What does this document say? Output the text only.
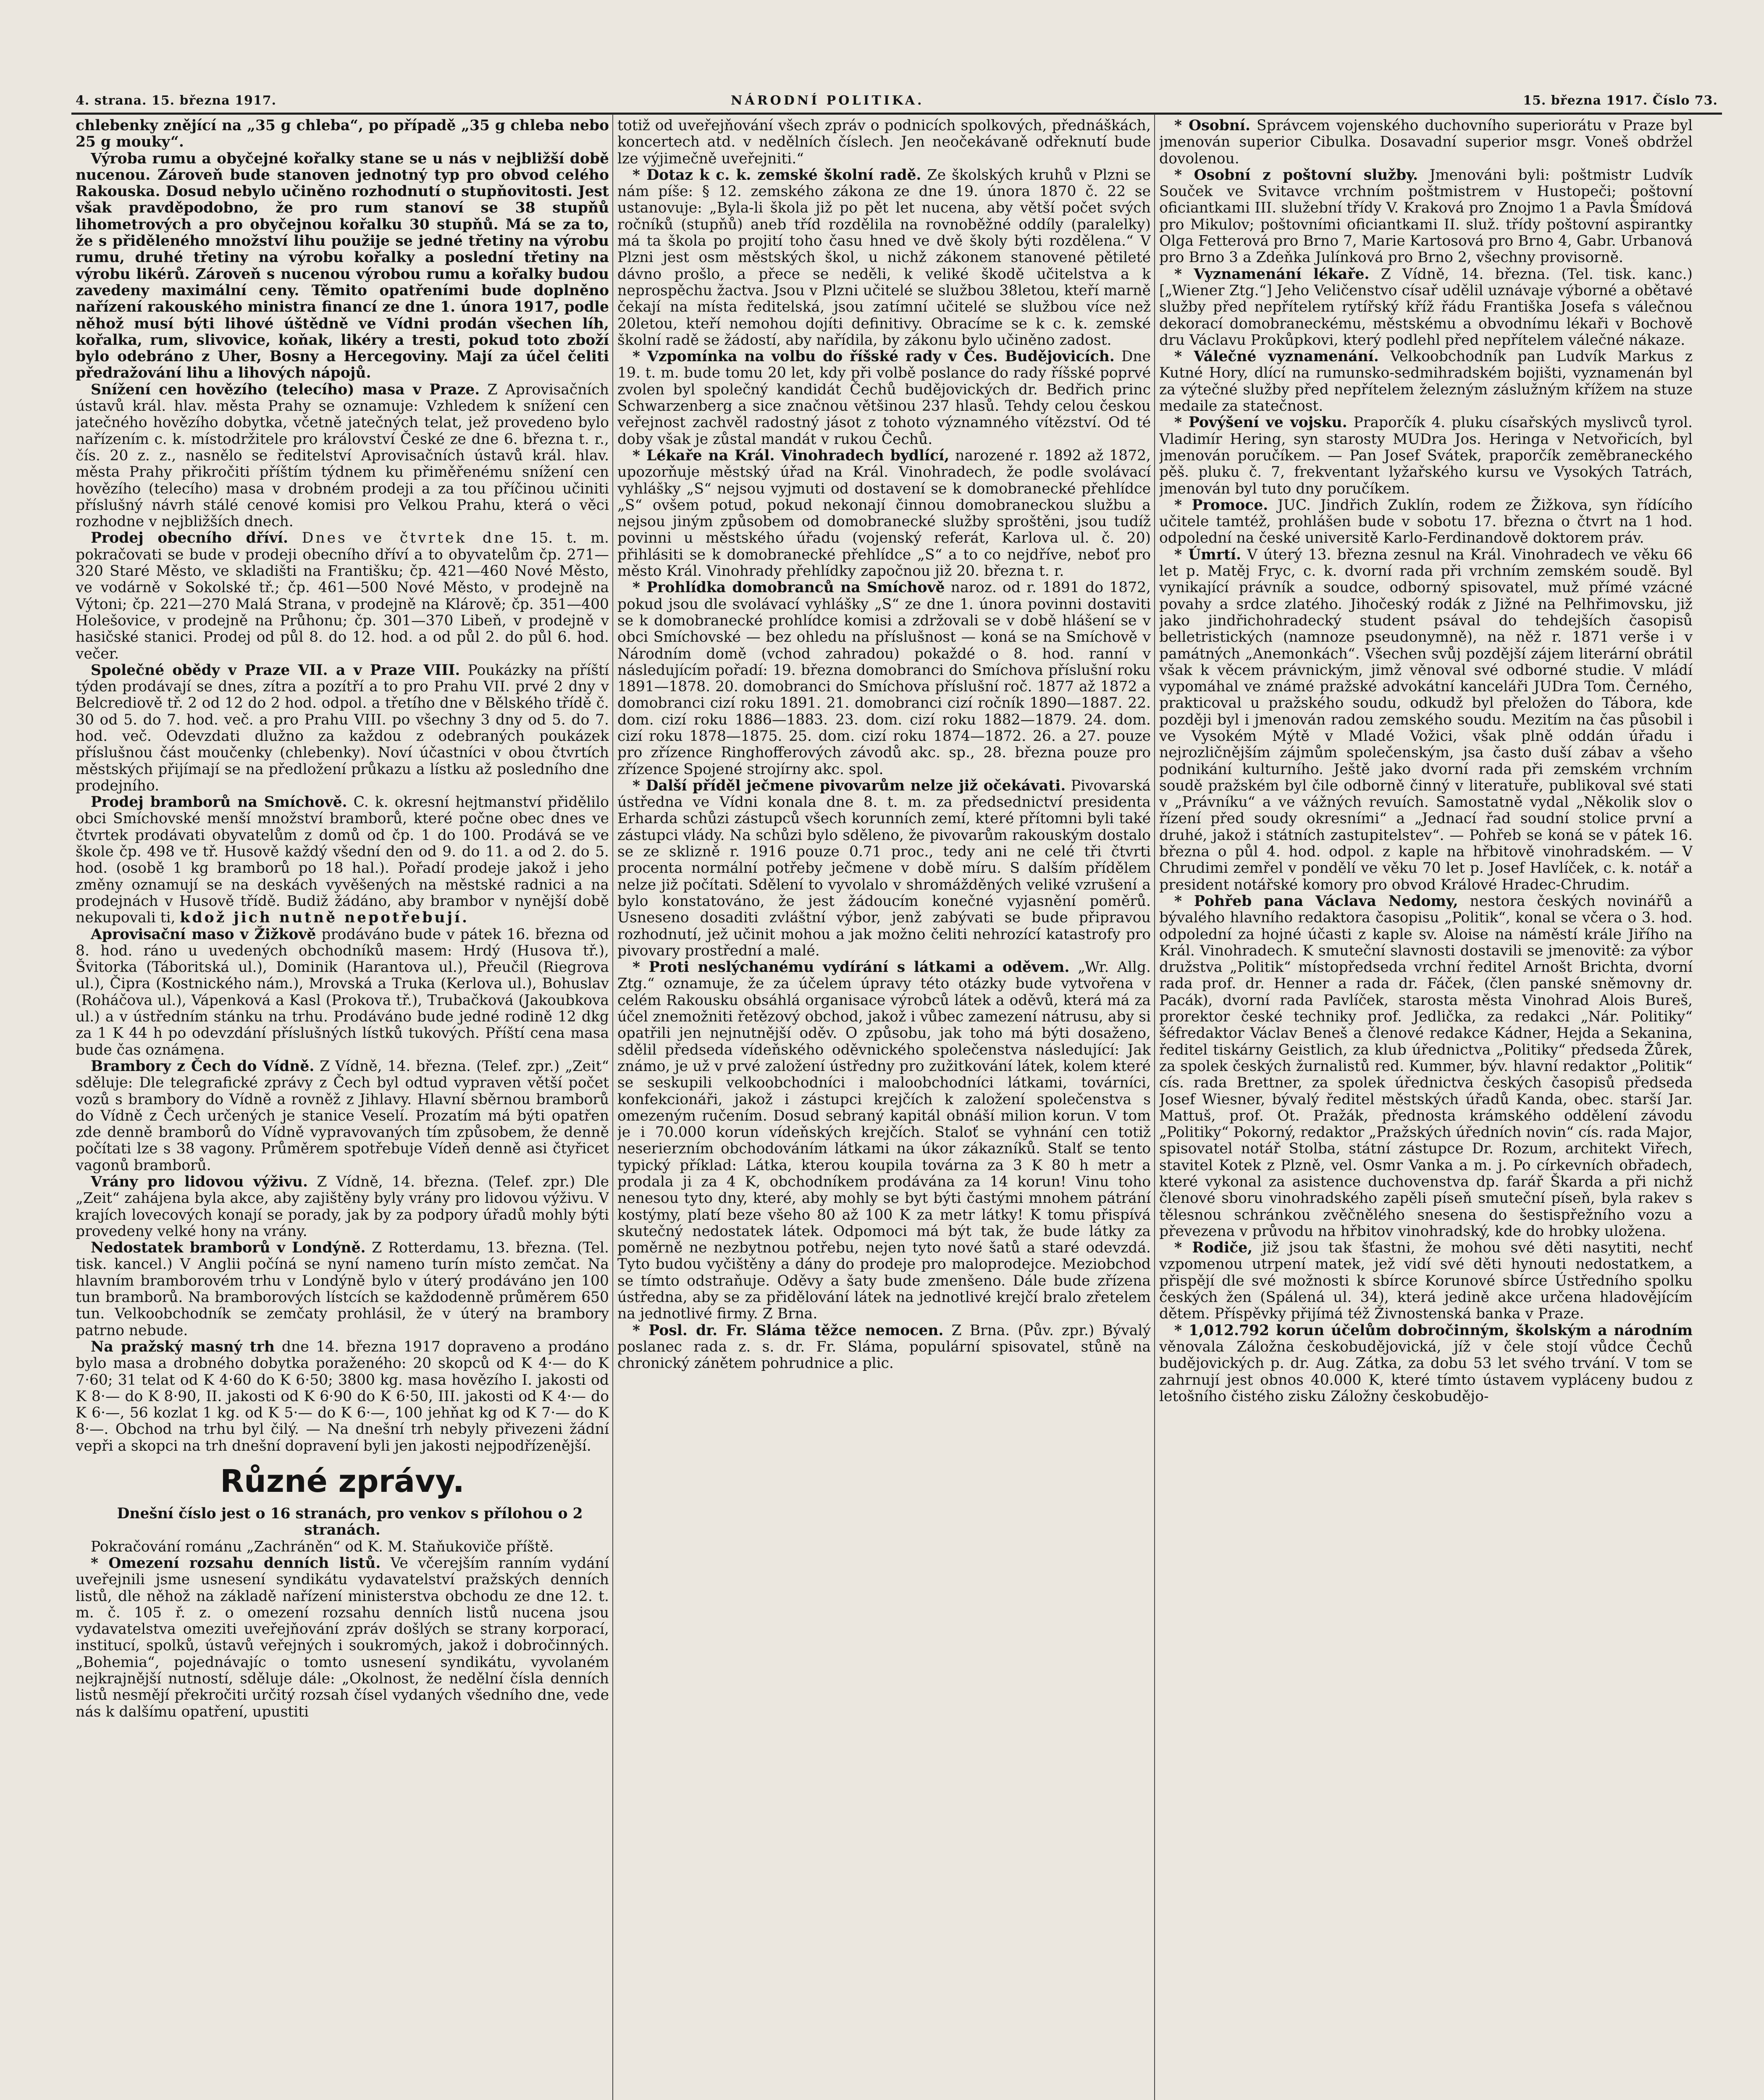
4. strana. 15. března 1917.	NÁRODNÍ POLITIKA.	15. března 1917. Číslo 73.

chlebenky znějící na „35 g chleba“, po případě „35 g chleba nebo 25 g mouky“.

Výroba rumu a obyčejné kořalky stane se u nás v nejbližší době nucenou. Zároveň bude stanoven jednotný typ pro obvod celého Rakouska. Dosud nebylo učiněno rozhodnutí o stupňovitosti. Jest však pravděpodobno, že pro rum stanoví se 38 stupňů lihometrových a pro obyčejnou kořalku 30 stupňů. Má se za to, že s přiděleného množství lihu použije se jedné třetiny na výrobu rumu, druhé třetiny na výrobu kořalky a poslední třetiny na výrobu likérů. Zároveň s nucenou výrobou rumu a kořalky budou zavedeny maximální ceny. Těmito opatřeními bude doplněno nařízení rakouského ministra financí ze dne 1. února 1917, podle něhož musí býti lihové úštědně ve Vídni prodán všechen líh, kořalka, rum, slivovice, koňak, likéry a tresti, pokud toto zboží bylo odebráno z Uher, Bosny a Hercegoviny. Mají za účel čeliti předražování lihu a lihových nápojů.

Snížení cen hovězího (telecího) masa v Praze. Z Aprovisačních ústavů král. hlav. města Prahy se oznamuje: Vzhledem k snížení cen jatečného hovězího dobytka, včetně jatečných telat, jež provedeno bylo nařízením c. k. místodržitele pro království České ze dne 6. března t. r., čís. 20 z. z., nasnělo se ředitelství Aprovisačních ústavů král. hlav. města Prahy přikročiti příštím týdnem ku přiměřenému snížení cen hovězího (telecího) masa v drobném prodeji a za tou příčinou učiniti příslušný návrh stálé cenové komisi pro Velkou Prahu, která o věci rozhodne v nejbližších dnech.

Prodej obecního dříví. Dnes ve čtvrtek dne 15. t. m. pokračovati se bude v prodeji obecního dříví a to obyvatelům čp. 271—320 Staré Město, ve skladišti na Františku; čp. 421—460 Nové Město, ve vodárně v Sokolské tř.; čp. 461—500 Nové Město, v prodejně na Výtoni; čp. 221—270 Malá Strana, v prodejně na Klárově; čp. 351—400 Holešovice, v prodejně na Průhonu; čp. 301—370 Libeň, v prodejně v hasičské stanici. Prodej od půl 8. do 12. hod. a od půl 2. do půl 6. hod. večer.

Společné obědy v Praze VII. a v Praze VIII. Poukázky na příští týden prodávají se dnes, zítra a pozítří a to pro Prahu VII. prvé 2 dny v Belcrediově tř. 2 od 12 do 2 hod. odpol. a třetího dne v Bělského třídě č. 30 od 5. do 7. hod. več. a pro Prahu VIII. po všechny 3 dny od 5. do 7. hod. več. Odevzdati dlužno za každou z odebraných poukázek příslušnou část moučenky (chlebenky). Noví účastníci v obou čtvrtích městských přijímají se na předložení průkazu a lístku až posledního dne prodejního.

Prodej bramborů na Smíchově. C. k. okresní hejtmanství přidělilo obci Smíchovské menší množství bramborů, které počne obec dnes ve čtvrtek prodávati obyvatelům z domů od čp. 1 do 100. Prodává se ve škole čp. 498 ve tř. Husově každý všední den od 9. do 11. a od 2. do 5. hod. (osobě 1 kg bramborů po 18 hal.). Pořadí prodeje jakož i jeho změny oznamují se na deskách vyvěšených na městské radnici a na prodejnách v Husově třídě. Budiž žádáno, aby brambor v nynější době nekupovali ti, kdož jich nutně nepotřebují.

Aprovisační maso v Žižkově prodáváno bude v pátek 16. března od 8. hod. ráno u uvedených obchodníků masem: Hrdý (Husova tř.), Švitorka (Táboritská ul.), Dominik (Harantova ul.), Přeučil (Riegrova ul.), Čipra (Kostnického nám.), Mrovská a Truka (Kerlova ul.), Bohuslav (Roháčova ul.), Vápenková a Kasl (Prokova tř.), Trubačková (Jakoubkova ul.) a v ústředním stánku na trhu. Prodáváno bude jedné rodině 12 dkg za 1 K 44 h po odevzdání příslušných lístků tukových. Příští cena masa bude čas oznámena.

Brambory z Čech do Vídně. Z Vídně, 14. března. (Telef. zpr.) „Zeit“ sděluje: Dle telegrafické zprávy z Čech byl odtud vypraven větší počet vozů s brambory do Vídně a rovněž z Jihlavy. Hlavní sběrnou bramborů do Vídně z Čech určených je stanice Veselí. Prozatím má býti opatřen zde denně bramborů do Vídně vypravovaných tím způsobem, že denně počítati lze s 38 vagony. Průměrem spotřebuje Vídeň denně asi čtyřicet vagonů bramborů.

Vrány pro lidovou výživu. Z Vídně, 14. března. (Telef. zpr.) Dle „Zeit“ zahájena byla akce, aby zajištěny byly vrány pro lidovou výživu. V krajích lovecových konají se porady, jak by za podpory úřadů mohly býti provedeny velké hony na vrány.

Nedostatek bramborů v Londýně. Z Rotterdamu, 13. března. (Tel. tisk. kancel.) V Anglii počíná se nyní nameno turín místo zemčat. Na hlavním bramborovém trhu v Londýně bylo v úterý prodáváno jen 100 tun bramborů. Na bramborových lístcích se každodenně průměrem 650 tun. Velkoobchodník se zemčaty prohlásil, že v úterý na brambory patrno nebude.

Na pražský masný trh dne 14. března 1917 dopraveno a prodáno bylo masa a drobného dobytka poraženého: 20 skopců od K 4·— do K 7·60; 31 telat od K 4·60 do K 6·50; 3800 kg. masa hovězího I. jakosti od K 8·— do K 8·90, II. jakosti od K 6·90 do K 6·50, III. jakosti od K 4·— do K 6·—, 56 kozlat 1 kg. od K 5·— do K 6·—, 100 jehňat kg od K 7·— do K 8·—. Obchod na trhu byl čilý. — Na dnešní trh nebyly přivezeni žádní vepři a skopci na trh dnešní dopravení byli jen jakosti nejpodřízenější.

Různé zprávy.

Dnešní číslo jest o 16 stranách, pro venkov s přílohou o 2 stranách.

Pokračování románu „Zachráněn“ od K. M. Staňukoviče příště.

* Omezení rozsahu denních listů. Ve včerejším ranním vydání uveřejnili jsme usnesení syndikátu vydavatelství pražských denních listů, dle něhož na základě nařízení ministerstva obchodu ze dne 12. t. m. č. 105 ř. z. o omezení rozsahu denních listů nucena jsou vydavatelstva omeziti uveřejňování zpráv došlých se strany korporací, institucí, spolků, ústavů veřejných i soukromých, jakož i dobročinných. „Bohemia“, pojednávajíc o tomto usnesení syndikátu, vyvolaném nejkrajnější nutností, sděluje dále: „Okolnost, že nedělní čísla denních listů nesmějí překročiti určitý rozsah čísel vydaných všedního dne, vede nás k dalšímu opatření, upustiti

totiž od uveřejňování všech zpráv o podnicích spolkových, přednáškách, koncertech atd. v nedělních číslech. Jen neočekávaně odřeknutí bude lze výjimečně uveřejniti.“

* Dotaz k c. k. zemské školní radě. Ze školských kruhů v Plzni se nám píše: § 12. zemského zákona ze dne 19. února 1870 č. 22 se ustanovuje: „Byla-li škola již po pět let nucena, aby větší počet svých ročníků (stupňů) aneb tříd rozdělila na rovnoběžné oddíly (paralelky) má ta škola po projití toho času hned ve dvě školy býti rozdělena.“ V Plzni jest osm městských škol, u nichž zákonem stanovené pětileté dávno prošlo, a přece se neděli, k veliké škodě učitelstva a k neprospěchu žactva. Jsou v Plzni učitelé se službou 38letou, kteří marně čekají na místa ředitelská, jsou zatímní učitelé se službou více než 20letou, kteří nemohou dojíti definitivy. Obracíme se k c. k. zemské školní radě se žádostí, aby nařídila, by zákonu bylo učiněno zadost.

* Vzpomínka na volbu do říšské rady v Čes. Budějovicích. Dne 19. t. m. bude tomu 20 let, kdy při volbě poslance do rady říšské poprvé zvolen byl společný kandidát Čechů budějovických dr. Bedřich princ Schwarzenberg a sice značnou většinou 237 hlasů. Tehdy celou českou veřejnost zachvěl radostný jásot z tohoto významného vítězství. Od té doby však je zůstal mandát v rukou Čechů.

* Lékaře na Král. Vinohradech bydlící, narozené r. 1892 až 1872, upozorňuje městský úřad na Král. Vinohradech, že podle svolávací vyhlášky „S“ nejsou vyjmuti od dostavení se k domobranecké přehlídce „S“ ovšem potud, pokud nekonají činnou domobraneckou službu a nejsou jiným způsobem od domobranecké služby sproštěni, jsou tudíž povinni u městského úřadu (vojenský referát, Karlova ul. č. 20) přihlásiti se k domobranecké přehlídce „S“ a to co nejdříve, neboť pro město Král. Vinohrady přehlídky započnou již 20. března t. r.

* Prohlídka domobranců na Smíchově naroz. od r. 1891 do 1872, pokud jsou dle svolávací vyhlášky „S“ ze dne 1. února povinni dostaviti se k domobranecké prohlídce komisi a zdržovali se v době hlášení se v obci Smíchovské — bez ohledu na příslušnost — koná se na Smíchově v Národním domě (vchod zahradou) pokaždé o 8. hod. ranní v následujícím pořadí: 19. března domobranci do Smíchova příslušní roku 1891—1878. 20. domobranci do Smíchova příslušní roč. 1877 až 1872 a domobranci cizí roku 1891. 21. domobranci cizí ročník 1890—1887. 22. dom. cizí roku 1886—1883. 23. dom. cizí roku 1882—1879. 24. dom. cizí roku 1878—1875. 25. dom. cizí roku 1874—1872. 26. a 27. pouze pro zřízence Ringhofferových závodů akc. sp., 28. března pouze pro zřízence Spojené strojírny akc. spol.

* Další příděl ječmene pivovarům nelze již očekávati. Pivovarská ústředna ve Vídni konala dne 8. t. m. za předsednictví presidenta Erharda schůzi zástupců všech korunních zemí, které přítomni byli také zástupci vlády. Na schůzi bylo sděleno, že pivovarům rakouským dostalo se ze sklizně r. 1916 pouze 0.71 proc., tedy ani ne celé tři čtvrti procenta normální potřeby ječmene v době míru. S dalším přídělem nelze již počítati. Sdělení to vyvolalo v shromážděných veliké vzrušení a bylo konstatováno, že jest žádoucím konečné vyjasnění poměrů. Usneseno dosaditi zvláštní výbor, jenž zabývati se bude připravou rozhodnutí, jež učinit mohou a jak možno čeliti nehrozící katastrofy pro pivovary prostřední a malé.

* Proti neslýchanému vydírání s látkami a oděvem. „Wr. Allg. Ztg.“ oznamuje, že za účelem úpravy této otázky bude vytvořena v celém Rakousku obsáhlá organisace výrobců látek a oděvů, která má za účel znemožniti řetězový obchod, jakož i vůbec zamezení nátrusu, aby si opatřili jen nejnutnější oděv. O způsobu, jak toho má býti dosaženo, sdělil předseda vídeňského oděvnického společenstva následující: Jak známo, je už v prvé založení ústředny pro zužitkování látek, kolem které se seskupili velkoobchodníci i maloobchodníci látkami, továrníci, konfekcionáři, jakož i zástupci krejčích k založení společenstva s omezeným ručením. Dosud sebraný kapitál obnáší milion korun. V tom je i 70.000 korun vídeňských krejčích. Staloť se vyhnání cen totiž neserierzním obchodováním látkami na úkor zákazníků. Stalť se tento typický příklad: Látka, kterou koupila továrna za 3 K 80 h metr a prodala ji za 4 K, obchodníkem prodávána za 14 korun! Vinu toho nenesou tyto dny, které, aby mohly se byt býti častými mnohem pátrání kostýmy, platí beze všeho 80 až 100 K za metr látky! K tomu přispívá skutečný nedostatek látek. Odpomoci má být tak, že bude látky za poměrně ne nezbytnou potřebu, nejen tyto nové šatů a staré odevzdá. Tyto budou vyčištěny a dány do prodeje pro maloprodejce. Meziobchod se tímto odstraňuje. Oděvy a šaty bude zmenšeno. Dále bude zřízena ústředna, aby se za přidělování látek na jednotlivé krejčí bralo zřetelem na jednotlivé firmy. Z Brna.

* Posl. dr. Fr. Sláma těžce nemocen. Z Brna. (Pův. zpr.) Bývalý poslanec rada z. s. dr. Fr. Sláma, populární spisovatel, stůně na chronický zánětem pohrudnice a plic.

* Osobní. Správcem vojenského duchovního superiorátu v Praze byl jmenován superior Cibulka. Dosavadní superior msgr. Voneš obdržel dovolenou.

* Osobní z poštovní služby. Jmenováni byli: poštmistr Ludvík Souček ve Svitavce vrchním poštmistrem v Hustopeči; poštovní oficiantkami III. služební třídy V. Kraková pro Znojmo 1 a Pavla Šmídová pro Mikulov; poštovními oficiantkami II. služ. třídy poštovní aspirantky Olga Fetterová pro Brno 7, Marie Kartosová pro Brno 4, Gabr. Urbanová pro Brno 3 a Zdeňka Julínková pro Brno 2, všechny provisorně.

* Vyznamenání lékaře. Z Vídně, 14. března. (Tel. tisk. kanc.) [„Wiener Ztg.“] Jeho Veličenstvo císař udělil uznávaje výborné a obětavé služby před nepřítelem rytířský kříž řádu Františka Josefa s válečnou dekorací domobraneckému, městskému a obvodnímu lékaři v Bochově dru Václavu Prokůpkovi, který podlehl před nepřítelem válečné nákaze.

* Válečné vyznamenání. Velkoobchodník pan Ludvík Markus z Kutné Hory, dlící na rumunsko-sedmihradském bojišti, vyznamenán byl za výtečné služby před nepřítelem železným záslužným křížem na stuze medaile za statečnost.

* Povýšení ve vojsku. Praporčík 4. pluku císařských myslivců tyrol. Vladimír Hering, syn starosty MUDra Jos. Heringa v Netvořicích, byl jmenován poručíkem. — Pan Josef Svátek, praporčík zeměbraneckého pěš. pluku č. 7, frekventant lyžařského kursu ve Vysokých Tatrách, jmenován byl tuto dny poručíkem.

* Promoce. JUC. Jindřich Zuklín, rodem ze Žižkova, syn řídícího učitele tamtéž, prohlášen bude v sobotu 17. března o čtvrt na 1 hod. odpolední na české universitě Karlo-Ferdinandově doktorem práv.

* Úmrtí. V úterý 13. března zesnul na Král. Vinohradech ve věku 66 let p. Matěj Fryc, c. k. dvorní rada při vrchním zemském soudě. Byl vynikající právník a soudce, odborný spisovatel, muž přímé vzácné povahy a srdce zlatého. Jihočeský rodák z Jižné na Pelhřimovsku, již jako jindřichohradecký student psával do tehdejších časopisů belletristických (namnoze pseudonymně), na něž r. 1871 verše i v památných „Anemonkách“. Všechen svůj pozdější zájem literární obrátil však k věcem právnickým, jimž věnoval své odborné studie. V mládí vypomáhal ve známé pražské advokátní kanceláři JUDra Tom. Černého, prakticoval u pražského soudu, odkudž byl přeložen do Tábora, kde později byl i jmenován radou zemského soudu. Mezitím na čas působil i ve Vysokém Mýtě v Mladé Vožici, však plně oddán úřadu i nejrozličnějším zájmům společenským, jsa často duší zábav a všeho podnikání kulturního. Ještě jako dvorní rada při zemském vrchním soudě pražském byl čile odborně činný v literatuře, publikoval své stati v „Právníku“ a ve vážných revuích. Samostatně vydal „Několik slov o řízení před soudy okresními“ a „Jednací řad soudní stolice první a druhé, jakož i státních zastupitelstev“. — Pohřeb se koná se v pátek 16. března o půl 4. hod. odpol. z kaple na hřbitově vinohradském. — V Chrudimi zemřel v pondělí ve věku 70 let p. Josef Havlíček, c. k. notář a president notářské komory pro obvod Králové Hradec-Chrudim.

* Pohřeb pana Václava Nedomy, nestora českých novinářů a bývalého hlavního redaktora časopisu „Politik“, konal se včera o 3. hod. odpolední za hojné účasti z kaple sv. Aloise na náměstí krále Jiřího na Král. Vinohradech. K smuteční slavnosti dostavili se jmenovitě: za výbor družstva „Politik“ místopředseda vrchní ředitel Arnošt Brichta, dvorní rada prof. dr. Henner a rada dr. Fáček, (člen panské sněmovny dr. Pacák), dvorní rada Pavlíček, starosta města Vinohrad Alois Bureš, prorektor české techniky prof. Jedlička, za redakci „Nár. Politiky“ šéfredaktor Václav Beneš a členové redakce Kádner, Hejda a Sekanina, ředitel tiskárny Geistlich, za klub úřednictva „Politiky“ předseda Žůrek, za spolek českých žurnalistů red. Kummer, býv. hlavní redaktor „Politik“ cís. rada Brettner, za spolek úřednictva českých časopisů předseda Josef Wiesner, bývalý ředitel městských úřadů Kanda, obec. starší Jar. Mattuš, prof. Ot. Pražák, přednosta krámského oddělení závodu „Politiky“ Pokorný, redaktor „Pražských úředních novin“ cís. rada Major, spisovatel notář Stolba, státní zástupce Dr. Rozum, architekt Viřech, stavitel Kotek z Plzně, vel. Osmr Vanka a m. j. Po církevních obřadech, které vykonal za asistence duchovenstva dp. farář Škarda a při nichž členové sboru vinohradského zapěli píseň smuteční píseň, byla rakev s tělesnou schránkou zvěčnělého snesena do šestispřežního vozu a převezena v průvodu na hřbitov vinohradský, kde do hrobky uložena.

* Rodiče, již jsou tak šťastni, že mohou své děti nasytiti, nechť vzpomenou utrpení matek, jež vidí své děti hynouti nedostatkem, a přispějí dle své možnosti k sbírce Korunové sbírce Ústředního spolku českých žen (Spálená ul. 34), která jedině akce určena hladovějícím dětem. Příspěvky přijímá též Živnostenská banka v Praze.

* 1,012.792 korun účelům dobročinným, školským a národním věnovala Záložna českobudějovická, jíž v čele stojí vůdce Čechů budějovických p. dr. Aug. Zátka, za dobu 53 let svého trvání. V tom se zahrnují jest obnos 40.000 K, které tímto ústavem vypláceny budou z letošního čistého zisku Záložny českobudějo-
